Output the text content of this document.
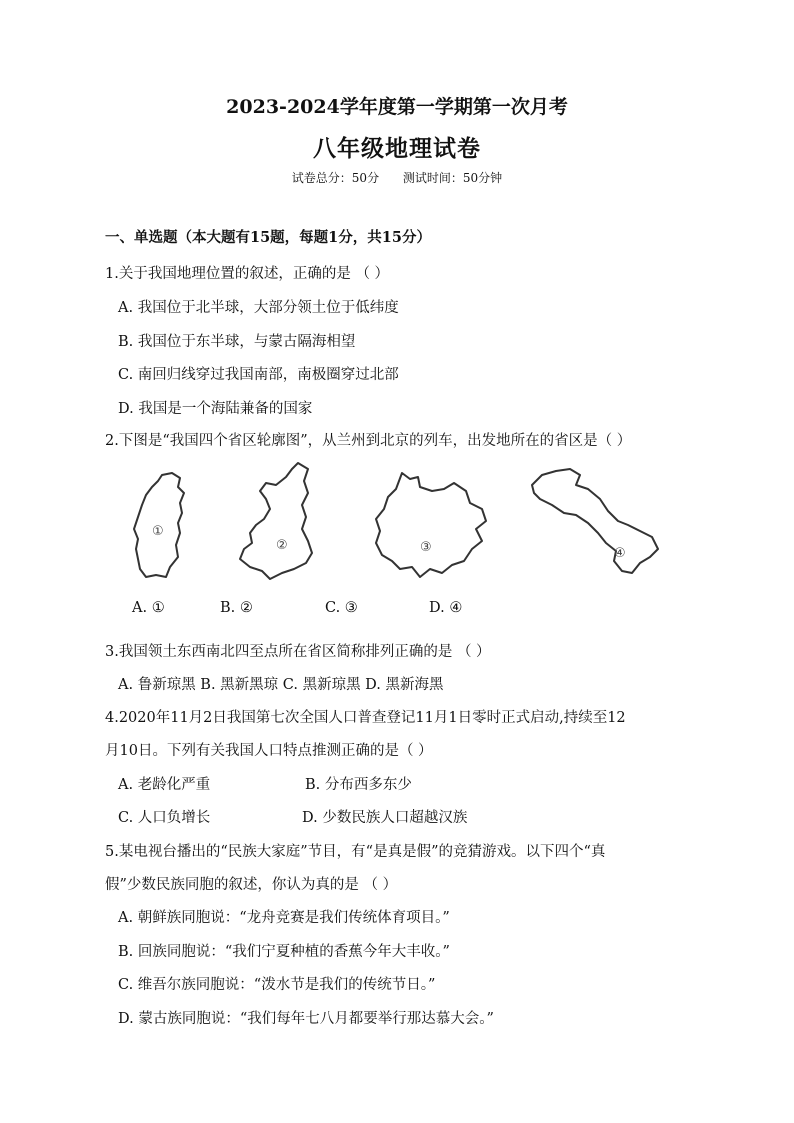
2023-2024学年度第一学期第一次月考
八年级地理试卷
试卷总分：50分 测试时间：50分钟
一、单选题（本大题有15题，每题1分，共15分）
1.关于我国地理位置的叙述，正确的是 （ ）
A. 我国位于北半球，大部分领土位于低纬度
B. 我国位于东半球，与蒙古隔海相望
C. 南回归线穿过我国南部，南极圈穿过北部
D. 我国是一个海陆兼备的国家
2.下图是“我国四个省区轮廓图”，从兰州到北京的列车，出发地所在的省区是（ ）
①
②	③	④
A. ①	B. ②	C. ③	D. ④
3.我国领土东西南北四至点所在省区简称排列正确的是 （ ）
A. 鲁新琼黑 B. 黑新黑琼 C. 黑新琼黑 D. 黑新海黑
4.2020年11月2日我国第七次全国人口普查登记11月1日零时正式启动,持续至12
月10日。下列有关我国人口特点推测正确的是（ ）
A. 老龄化严重	B. 分布西多东少
C. 人口负增长	D. 少数民族人口超越汉族
5.某电视台播出的“民族大家庭”节目，有“是真是假”的竞猜游戏。以下四个“真
假”少数民族同胞的叙述，你认为真的是 （ ）
A. 朝鲜族同胞说：“龙舟竞赛是我们传统体育项目。”
B. 回族同胞说：“我们宁夏种植的香蕉今年大丰收。”
C. 维吾尔族同胞说：“泼水节是我们的传统节日。”
D. 蒙古族同胞说：“我们每年七八月都要举行那达慕大会。”
